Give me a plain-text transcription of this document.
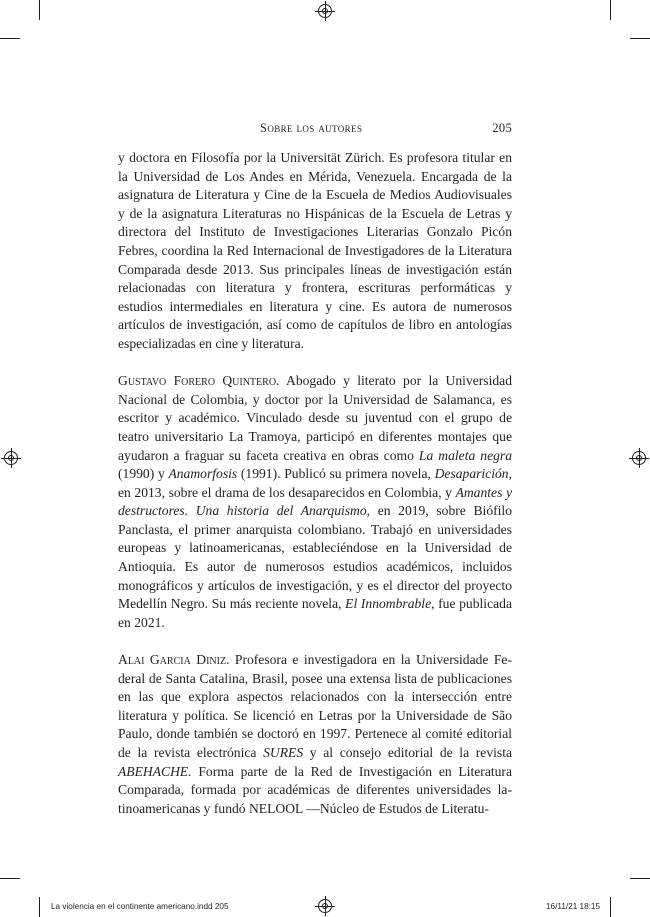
Sobre los autores	205

y doctora en Filosofía por la Universität Zürich. Es profesora titular en la Universidad de Los Andes en Mérida, Venezuela. Encargada de la asignatura de Literatura y Cine de la Escuela de Medios Audiovisuales y de la asignatura Literaturas no Hispánicas de la Escuela de Letras y directora del Instituto de Investigaciones Literarias Gonzalo Picón Febres, coordina la Red Internacional de Investigadores de la Literatura Comparada desde 2013. Sus principales líneas de investigación están relacionadas con literatura y frontera, escrituras performáticas y estudios intermediales en literatura y cine. Es autora de numerosos artículos de investigación, así como de capítulos de libro en antologías especializadas en cine y literatura.

Gustavo Forero Quintero. Abogado y literato por la Universidad Nacional de Colombia, y doctor por la Universidad de Salamanca, es escritor y académico. Vinculado desde su juventud con el grupo de teatro universitario La Tramoya, participó en diferentes montajes que ayudaron a fraguar su faceta creativa en obras como La maleta negra (1990) y Anamorfosis (1991). Publicó su primera novela, Desaparición, en 2013, sobre el drama de los desaparecidos en Colombia, y Amantes y destructores. Una historia del Anarquismo, en 2019, sobre Biófilo Panclasta, el primer anarquista colombiano. Trabajó en universidades europeas y latinoamericanas, estableciéndose en la Universidad de Antioquia. Es autor de numerosos estudios académicos, incluidos monográficos y artículos de investigación, y es el director del proyecto Medellín Negro. Su más reciente novela, El Innombrable, fue publicada en 2021.

Alai Garcia Diniz. Profesora e investigadora en la Universidade Federal de Santa Catalina, Brasil, posee una extensa lista de publicaciones en las que explora aspectos relacionados con la intersección entre literatura y política. Se licenció en Letras por la Universidade de São Paulo, donde también se doctoró en 1997. Pertenece al comité editorial de la revista electrónica SURES y al consejo editorial de la revista ABEHACHE. Forma parte de la Red de Investigación en Literatura Comparada, formada por académicas de diferentes universidades latinoamericanas y fundó NELOOL —Núcleo de Estudos de Literatu-

La violencia en el continente americano.indd 205	16/11/21 18:15
